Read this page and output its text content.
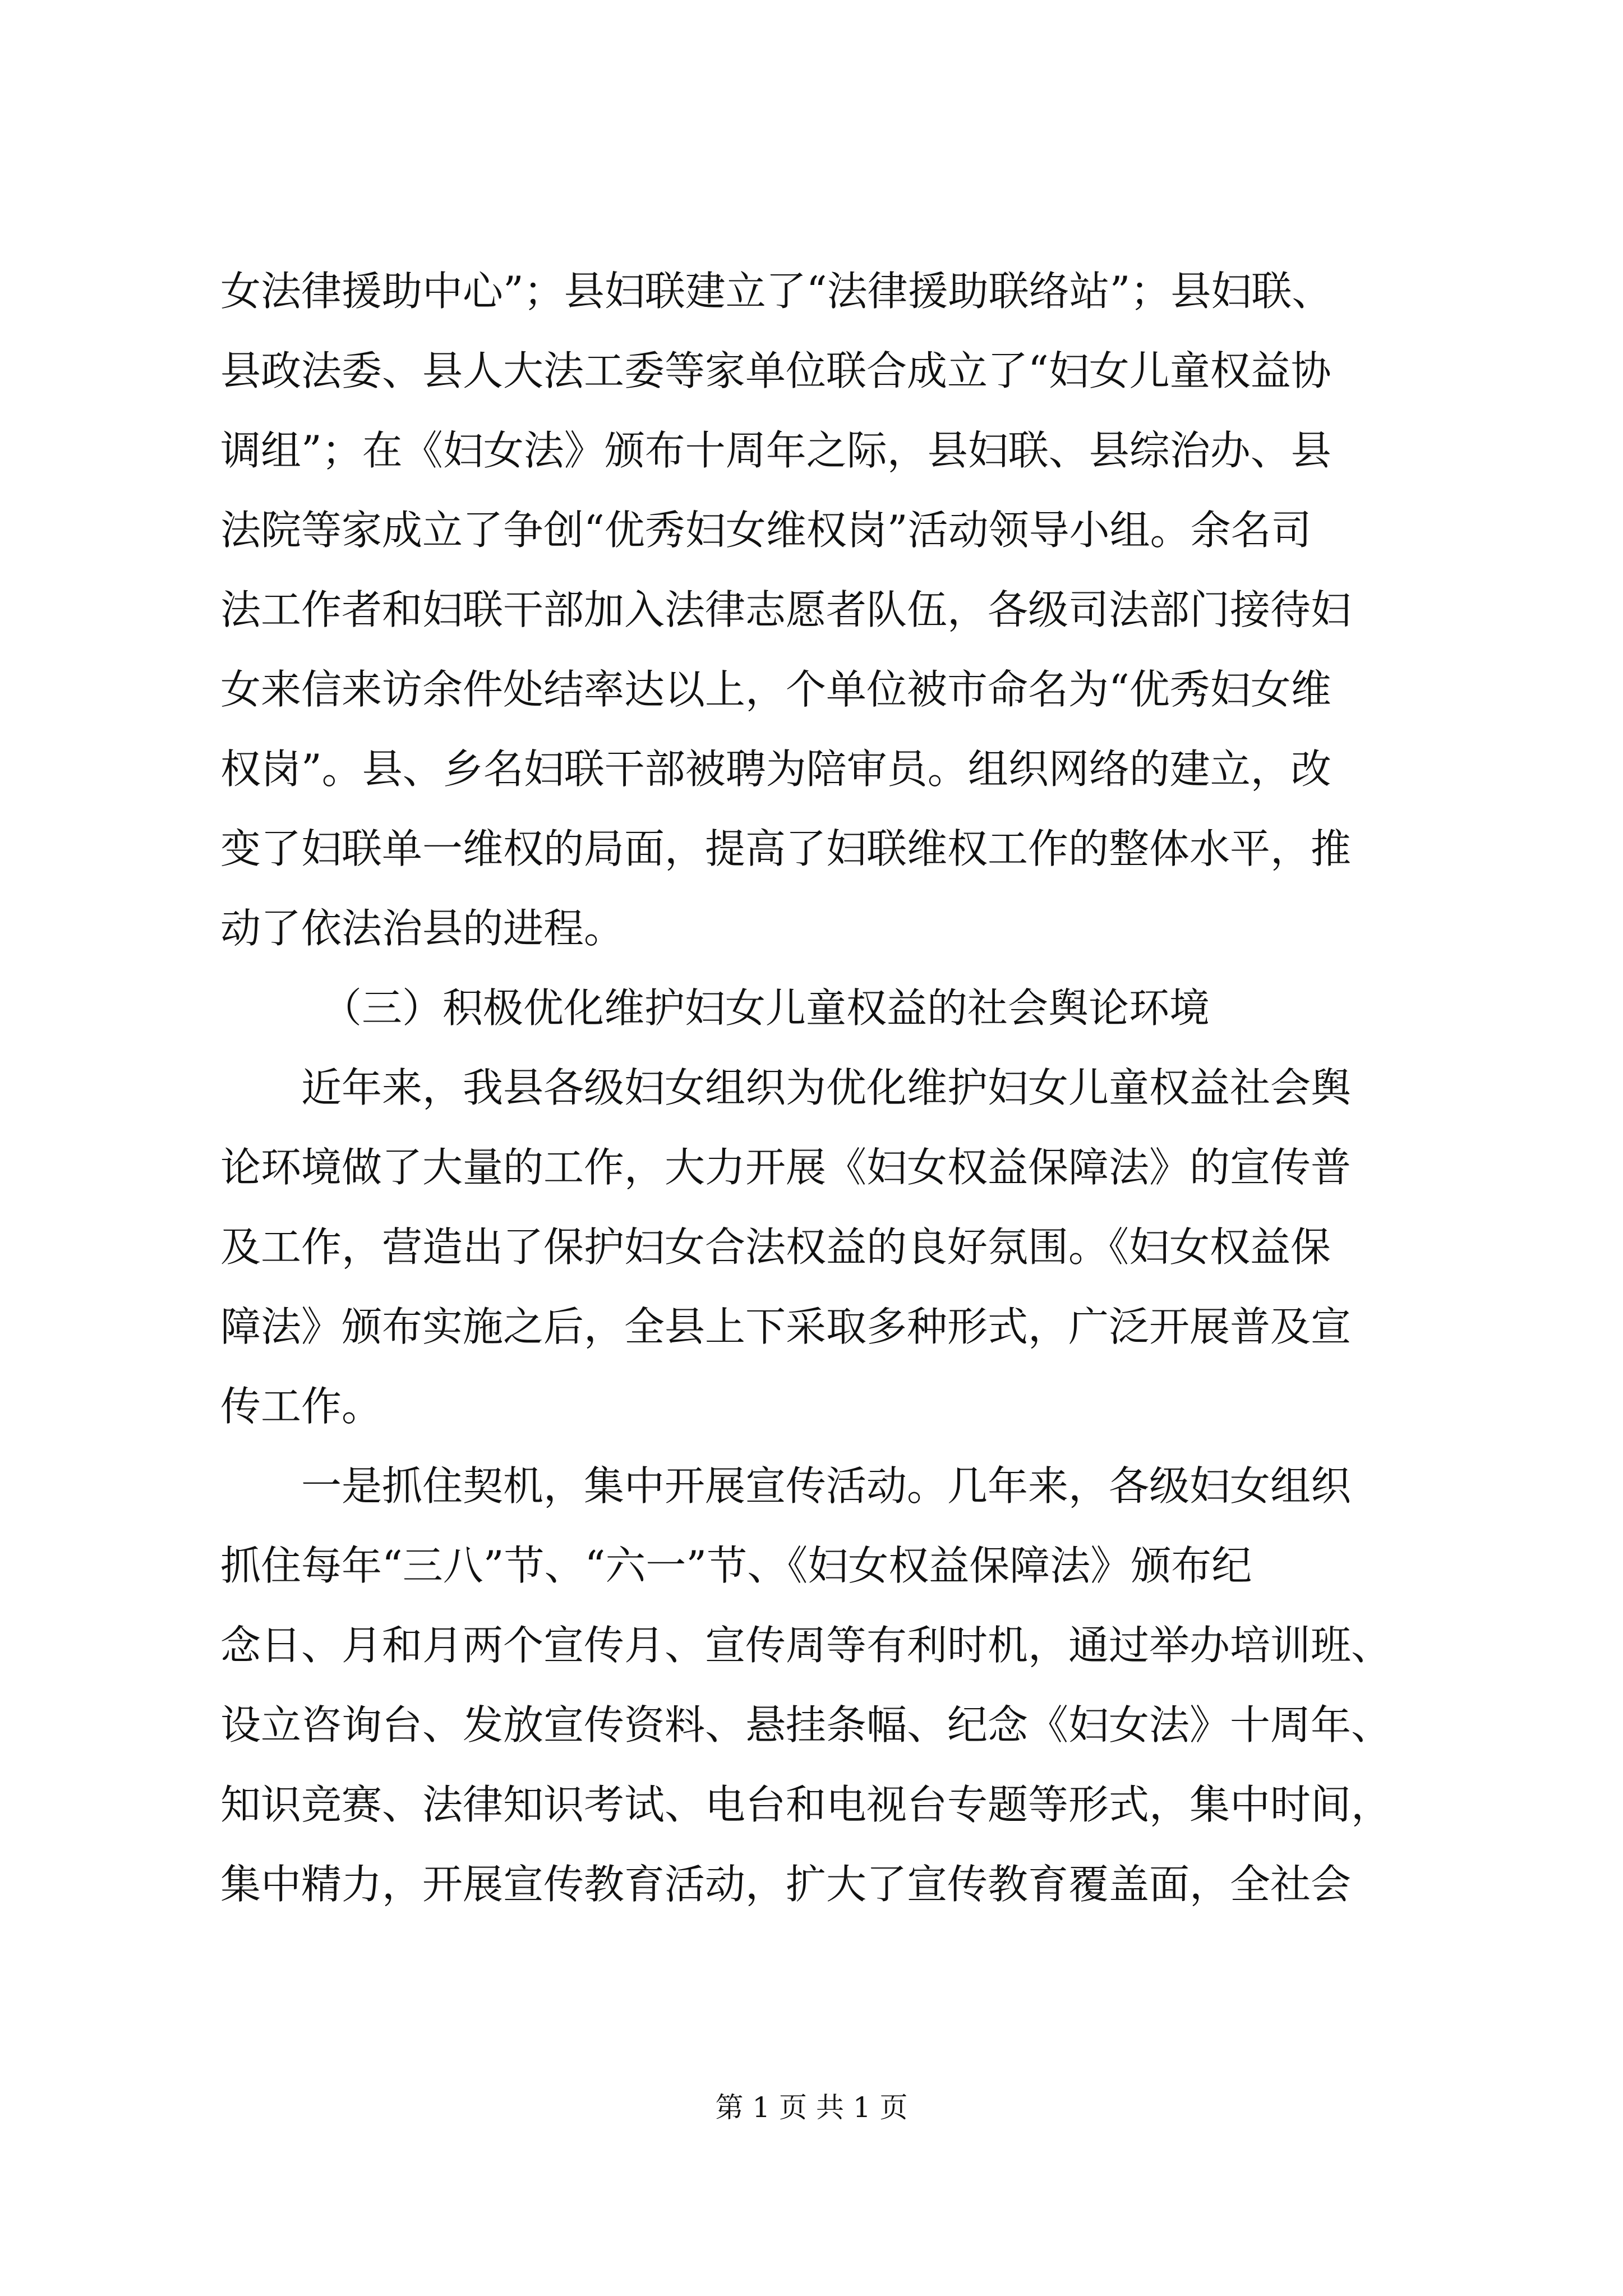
女法律援助中心”；县妇联建立了“法律援助联络站”；县妇联、
县政法委、县人大法工委等家单位联合成立了“妇女儿童权益协
调组”；在《妇女法》颁布十周年之际，县妇联、县综治办、县
法院等家成立了争创“优秀妇女维权岗”活动领导小组。余名司
法工作者和妇联干部加入法律志愿者队伍，各级司法部门接待妇
女来信来访余件处结率达以上，个单位被市命名为“优秀妇女维
权岗”。县、乡名妇联干部被聘为陪审员。组织网络的建立，改
变了妇联单一维权的局面，提高了妇联维权工作的整体水平，推
动了依法治县的进程。
（三）积极优化维护妇女儿童权益的社会舆论环境
近年来，我县各级妇女组织为优化维护妇女儿童权益社会舆
论环境做了大量的工作，大力开展《妇女权益保障法》的宣传普
及工作，营造出了保护妇女合法权益的良好氛围。《妇女权益保
障法》颁布实施之后，全县上下采取多种形式，广泛开展普及宣
传工作。
一是抓住契机，集中开展宣传活动。几年来，各级妇女组织
抓住每年“三八”节、“六一”节、《妇女权益保障法》颁布纪
念日、月和月两个宣传月、宣传周等有利时机，通过举办培训班、
设立咨询台、发放宣传资料、悬挂条幅、纪念《妇女法》十周年、
知识竞赛、法律知识考试、电台和电视台专题等形式，集中时间，
集中精力，开展宣传教育活动，扩大了宣传教育覆盖面，全社会
第 1 页 共 1 页
